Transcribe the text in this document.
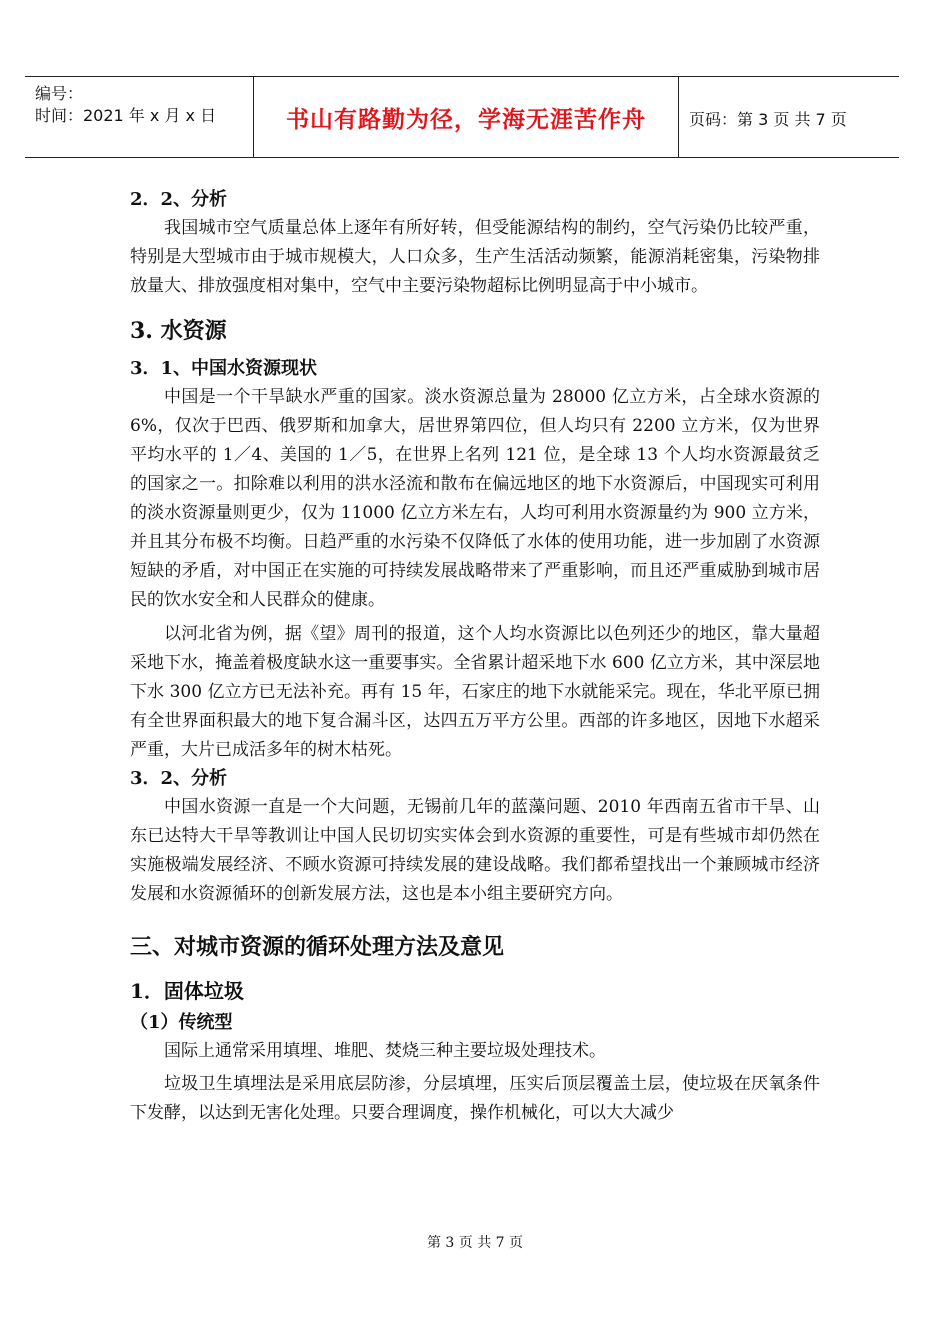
编号：
时间：2021 年 x 月 x 日	书山有路勤为径，学海无涯苦作舟	页码：第 3 页 共 7 页
2．2、分析

我国城市空气质量总体上逐年有所好转，但受能源结构的制约，空气污染仍比较严重，特别是大型城市由于城市规模大，人口众多，生产生活活动频繁，能源消耗密集，污染物排放量大、排放强度相对集中，空气中主要污染物超标比例明显高于中小城市。

3. 水资源
3．1、中国水资源现状

中国是一个干旱缺水严重的国家。淡水资源总量为 28000 亿立方米，占全球水资源的 6%，仅次于巴西、俄罗斯和加拿大，居世界第四位，但人均只有 2200 立方米，仅为世界平均水平的 1／4、美国的 1／5，在世界上名列 121 位，是全球 13 个人均水资源最贫乏的国家之一。扣除难以利用的洪水泾流和散布在偏远地区的地下水资源后，中国现实可利用的淡水资源量则更少，仅为 11000 亿立方米左右，人均可利用水资源量约为 900 立方米，并且其分布极不均衡。日趋严重的水污染不仅降低了水体的使用功能，进一步加剧了水资源短缺的矛盾，对中国正在实施的可持续发展战略带来了严重影响，而且还严重威胁到城市居民的饮水安全和人民群众的健康。

以河北省为例，据《望》周刊的报道，这个人均水资源比以色列还少的地区，靠大量超采地下水，掩盖着极度缺水这一重要事实。全省累计超采地下水 600 亿立方米，其中深层地下水 300 亿立方已无法补充。再有 15 年，石家庄的地下水就能采完。现在，华北平原已拥有全世界面积最大的地下复合漏斗区，达四五万平方公里。西部的许多地区，因地下水超采严重，大片已成活多年的树木枯死。

3．2、分析

中国水资源一直是一个大问题，无锡前几年的蓝藻问题、2010 年西南五省市干旱、山东已达特大干旱等教训让中国人民切切实实体会到水资源的重要性，可是有些城市却仍然在实施极端发展经济、不顾水资源可持续发展的建设战略。我们都希望找出一个兼顾城市经济发展和水资源循环的创新发展方法，这也是本小组主要研究方向。

三、对城市资源的循环处理方法及意见
1．固体垃圾
（1）传统型

国际上通常采用填埋、堆肥、焚烧三种主要垃圾处理技术。

垃圾卫生填埋法是采用底层防渗，分层填埋，压实后顶层覆盖土层，使垃圾在厌氧条件下发酵，以达到无害化处理。只要合理调度，操作机械化，可以大大减少

第 3 页 共 7 页
